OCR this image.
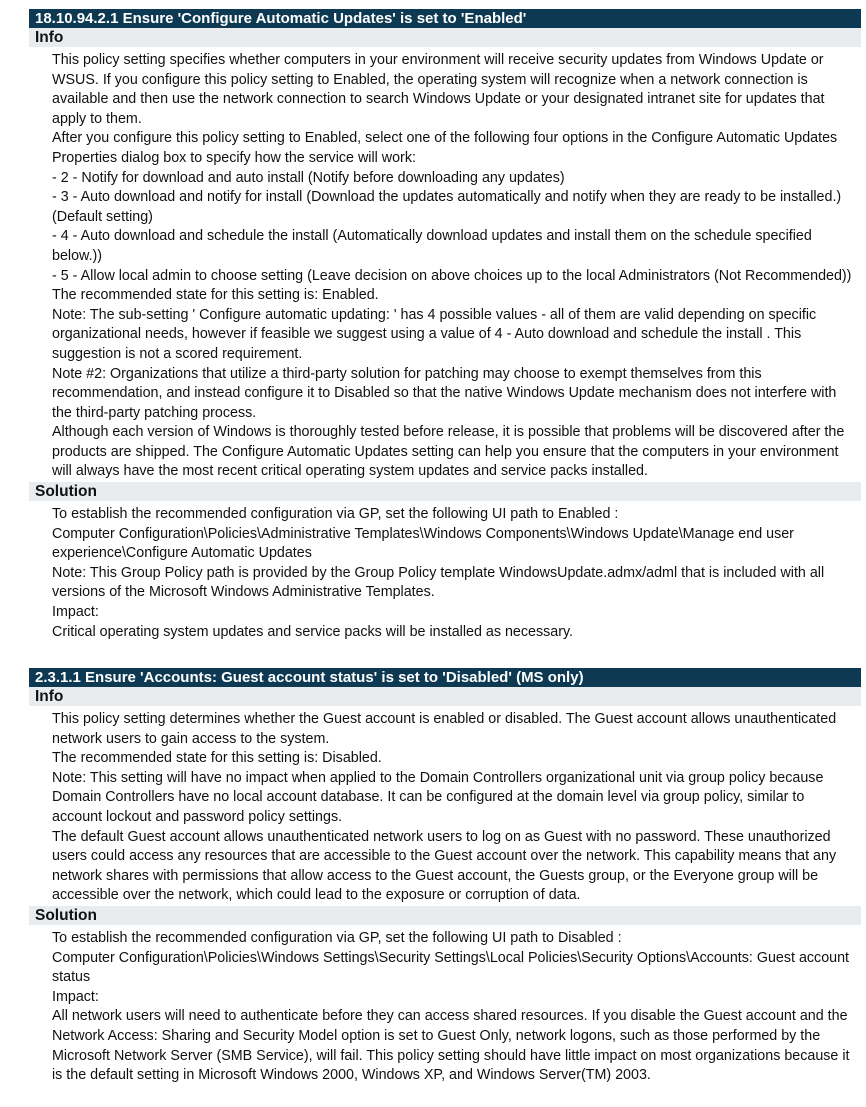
18.10.94.2.1 Ensure 'Configure Automatic Updates' is set to 'Enabled'
Info

This policy setting specifies whether computers in your environment will receive security updates from Windows Update or WSUS. If you configure this policy setting to Enabled, the operating system will recognize when a network connection is available and then use the network connection to search Windows Update or your designated intranet site for updates that apply to them.

After you configure this policy setting to Enabled, select one of the following four options in the Configure Automatic Updates Properties dialog box to specify how the service will work:

- 2 - Notify for download and auto install (Notify before downloading any updates)

- 3 - Auto download and notify for install (Download the updates automatically and notify when they are ready to be installed.) (Default setting)

- 4 - Auto download and schedule the install (Automatically download updates and install them on the schedule specified below.))

- 5 - Allow local admin to choose setting (Leave decision on above choices up to the local Administrators (Not Recommended))

The recommended state for this setting is: Enabled.

Note: The sub-setting ' Configure automatic updating: ' has 4 possible values - all of them are valid depending on specific organizational needs, however if feasible we suggest using a value of 4 - Auto download and schedule the install . This suggestion is not a scored requirement.

Note #2: Organizations that utilize a third-party solution for patching may choose to exempt themselves from this recommendation, and instead configure it to Disabled so that the native Windows Update mechanism does not interfere with the third-party patching process.

Although each version of Windows is thoroughly tested before release, it is possible that problems will be discovered after the products are shipped. The Configure Automatic Updates setting can help you ensure that the computers in your environment will always have the most recent critical operating system updates and service packs installed.

Solution

To establish the recommended configuration via GP, set the following UI path to Enabled :

Computer Configuration\Policies\Administrative Templates\Windows Components\Windows Update\Manage end user experience\Configure Automatic Updates

Note: This Group Policy path is provided by the Group Policy template WindowsUpdate.admx/adml that is included with all versions of the Microsoft Windows Administrative Templates.

Impact:

Critical operating system updates and service packs will be installed as necessary.

2.3.1.1 Ensure 'Accounts: Guest account status' is set to 'Disabled' (MS only)
Info

This policy setting determines whether the Guest account is enabled or disabled. The Guest account allows unauthenticated network users to gain access to the system.

The recommended state for this setting is: Disabled.

Note: This setting will have no impact when applied to the Domain Controllers organizational unit via group policy because Domain Controllers have no local account database. It can be configured at the domain level via group policy, similar to account lockout and password policy settings.

The default Guest account allows unauthenticated network users to log on as Guest with no password. These unauthorized users could access any resources that are accessible to the Guest account over the network. This capability means that any network shares with permissions that allow access to the Guest account, the Guests group, or the Everyone group will be accessible over the network, which could lead to the exposure or corruption of data.

Solution

To establish the recommended configuration via GP, set the following UI path to Disabled :

Computer Configuration\Policies\Windows Settings\Security Settings\Local Policies\Security Options\Accounts: Guest account status

Impact:

All network users will need to authenticate before they can access shared resources. If you disable the Guest account and the Network Access: Sharing and Security Model option is set to Guest Only, network logons, such as those performed by the Microsoft Network Server (SMB Service), will fail. This policy setting should have little impact on most organizations because it is the default setting in Microsoft Windows 2000, Windows XP, and Windows Server(TM) 2003.
